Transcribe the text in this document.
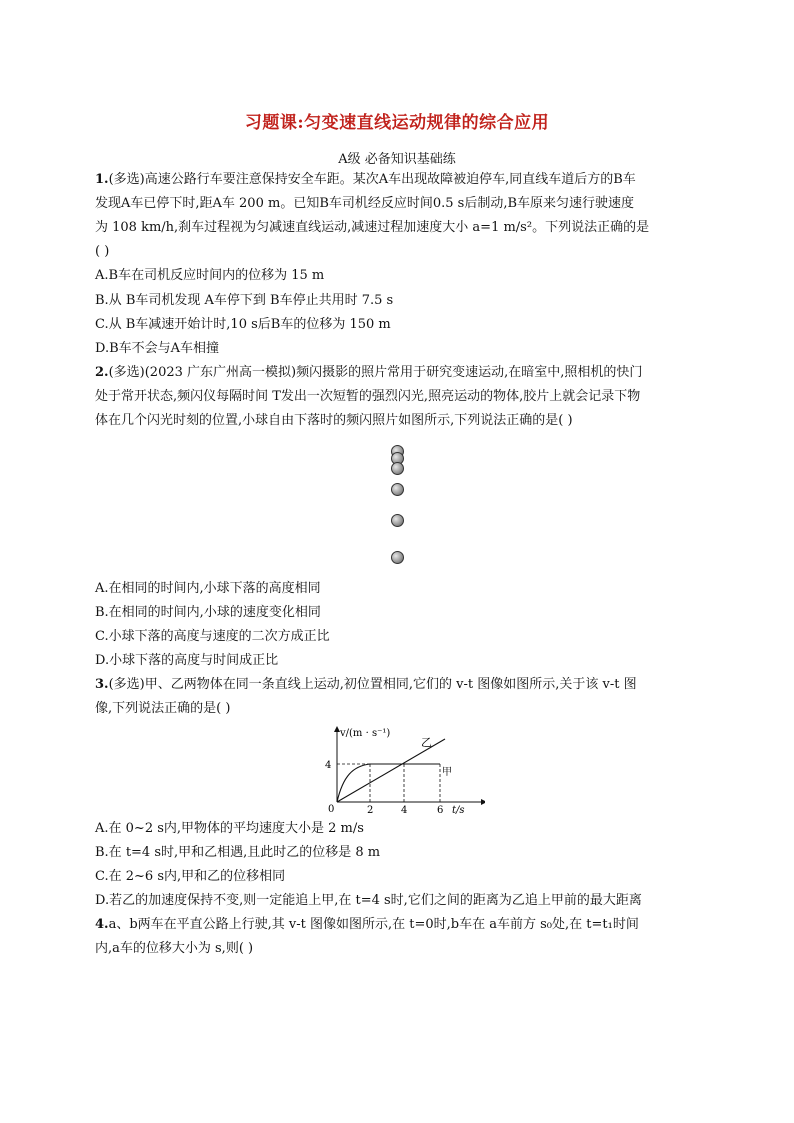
习题课:匀变速直线运动规律的综合应用
A级 必备知识基础练
1.(多选)高速公路行车要注意保持安全车距。某次A车出现故障被迫停车,同直线车道后方的B车
发现A车已停下时,距A车 200 m。已知B车司机经反应时间0.5 s后制动,B车原来匀速行驶速度
为 108 km/h,刹车过程视为匀减速直线运动,减速过程加速度大小 a=1 m/s²。下列说法正确的是
( )
A.B车在司机反应时间内的位移为 15 m
B.从 B车司机发现 A车停下到 B车停止共用时 7.5 s
C.从 B车减速开始计时,10 s后B车的位移为 150 m
D.B车不会与A车相撞
2.(多选)(2023 广东广州高一模拟)频闪摄影的照片常用于研究变速运动,在暗室中,照相机的快门
处于常开状态,频闪仪每隔时间 T发出一次短暂的强烈闪光,照亮运动的物体,胶片上就会记录下物
体在几个闪光时刻的位置,小球自由下落时的频闪照片如图所示,下列说法正确的是( )
A.在相同的时间内,小球下落的高度相同
B.在相同的时间内,小球的速度变化相同
C.小球下落的高度与速度的二次方成正比
D.小球下落的高度与时间成正比
3.(多选)甲、乙两物体在同一条直线上运动,初位置相同,它们的 v-t 图像如图所示,关于该 v-t 图
像,下列说法正确的是( )
v/(m · s⁻¹)
4
0	2	4	6 t/s
乙
甲
A.在 0~2 s内,甲物体的平均速度大小是 2 m/s
B.在 t=4 s时,甲和乙相遇,且此时乙的位移是 8 m
C.在 2~6 s内,甲和乙的位移相同
D.若乙的加速度保持不变,则一定能追上甲,在 t=4 s时,它们之间的距离为乙追上甲前的最大距离
4.a、b两车在平直公路上行驶,其 v-t 图像如图所示,在 t=0时,b车在 a车前方 s₀处,在 t=t₁时间
内,a车的位移大小为 s,则( )
